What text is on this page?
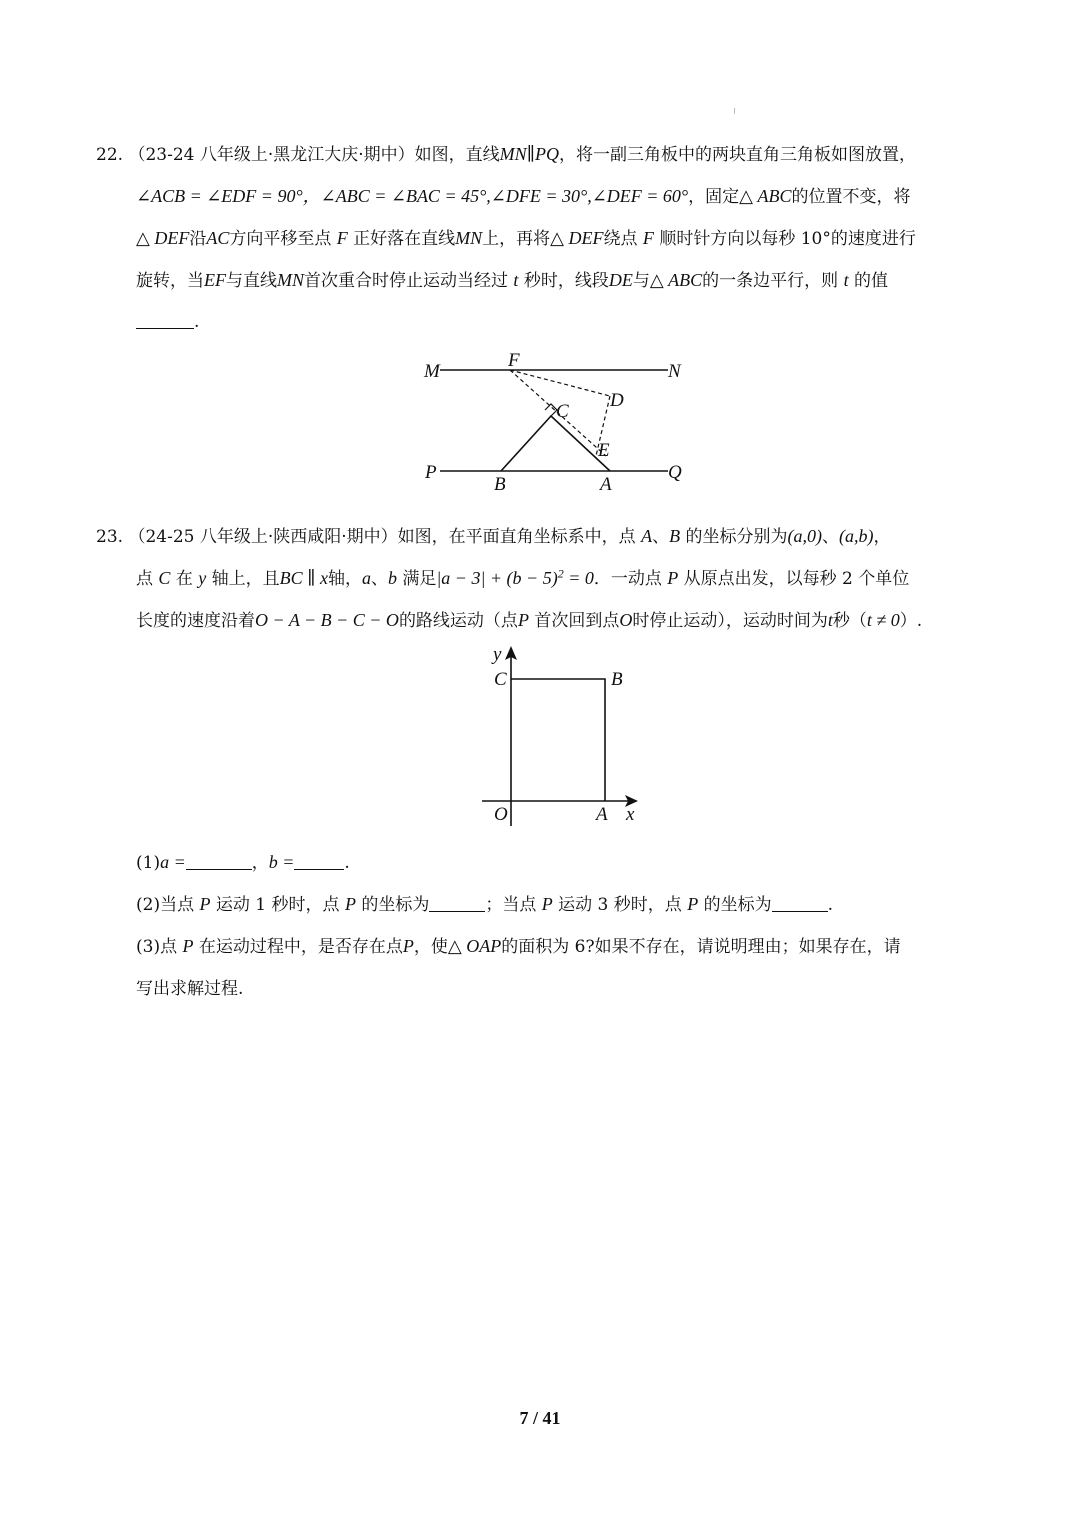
22. （23-24 八年级上·黑龙江大庆·期中）如图，直线MN∥PQ，将一副三角板中的两块直角三角板如图放置，
∠ACB = ∠EDF = 90°，∠ABC = ∠BAC = 45°,∠DFE = 30°,∠DEF = 60°，固定△ ABC的位置不变，将
△ DEF沿AC方向平移至点 F 正好落在直线MN上，再将△ DEF绕点 F 顺时针方向以每秒 10°的速度进行
旋转，当EF与直线MN首次重合时停止运动当经过 t 秒时，线段DE与△ ABC的一条边平行，则 t 的值
.
M	N
F
C
D
E
P
B	A
Q
23. （24-25 八年级上·陕西咸阳·期中）如图，在平面直角坐标系中，点 A、B 的坐标分别为(a,0)、(a,b)，
点 C 在 y 轴上，且BC ∥ x轴，a、b 满足$|a - 3| + (b - 5)^2 = 0$．一动点 P 从原点出发，以每秒 2 个单位
长度的速度沿着O − A − B − C − O的路线运动（点P 首次回到点O时停止运动），运动时间为t秒（t ≠ 0）.
y
C	B
O	A x
(1)a =	，b =	.
(2)当点 P 运动 1 秒时，点 P 的坐标为	；当点 P 运动 3 秒时，点 P 的坐标为	.
(3)点 P 在运动过程中，是否存在点P，使△ OAP的面积为 6?如果不存在，请说明理由；如果存在，请
写出求解过程.
7 / 41
